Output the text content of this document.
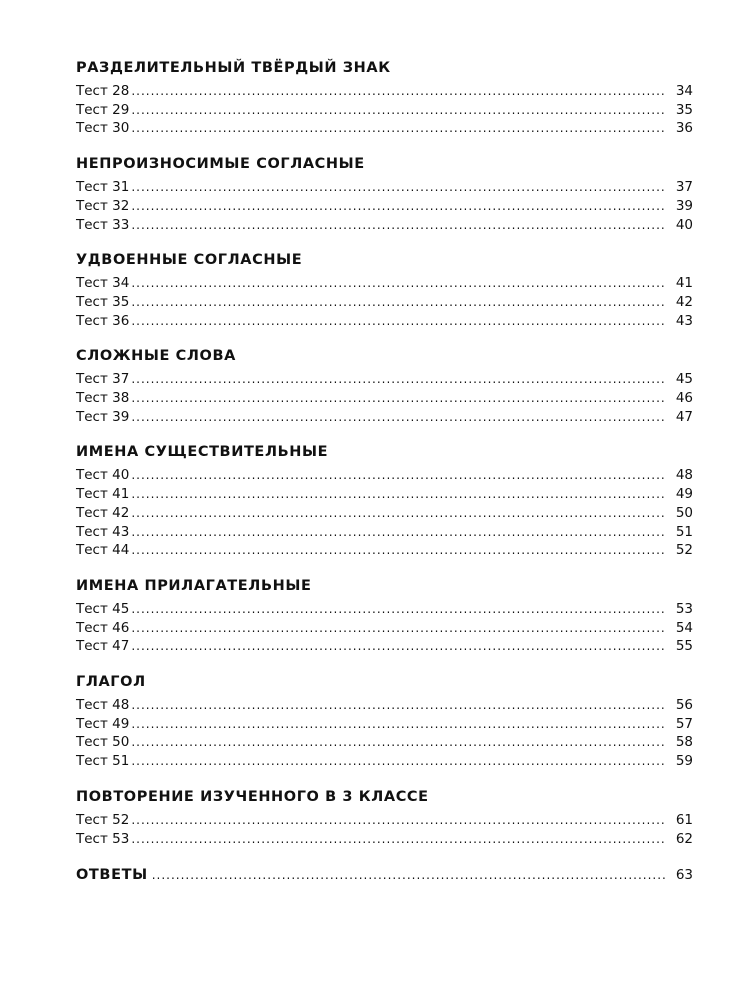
РАЗДЕЛИТЕЛЬНЫЙ ТВЁРДЫЙ ЗНАК
Тест 28 .....	34
Тест 29 .....	35
Тест 30 .....	36
НЕПРОИЗНОСИМЫЕ СОГЛАСНЫЕ
Тест 31 .....	37
Тест 32 .....	39
Тест 33 .....	40
УДВОЕННЫЕ СОГЛАСНЫЕ
Тест 34 .....	41
Тест 35 .....	42
Тест 36 .....	43
СЛОЖНЫЕ СЛОВА
Тест 37 .....	45
Тест 38 .....	46
Тест 39 .....	47
ИМЕНА СУЩЕСТВИТЕЛЬНЫЕ
Тест 40 .....	48
Тест 41 .....	49
Тест 42 .....	50
Тест 43 .....	51
Тест 44 .....	52
ИМЕНА ПРИЛАГАТЕЛЬНЫЕ
Тест 45 .....	53
Тест 46 .....	54
Тест 47 .....	55
ГЛАГОЛ
Тест 48 .....	56
Тест 49 .....	57
Тест 50 .....	58
Тест 51 .....	59
ПОВТОРЕНИЕ ИЗУЧЕННОГО В 3 КЛАССЕ
Тест 52 .....	61
Тест 53 .....	62
ОТВЕТЫ .....	63
